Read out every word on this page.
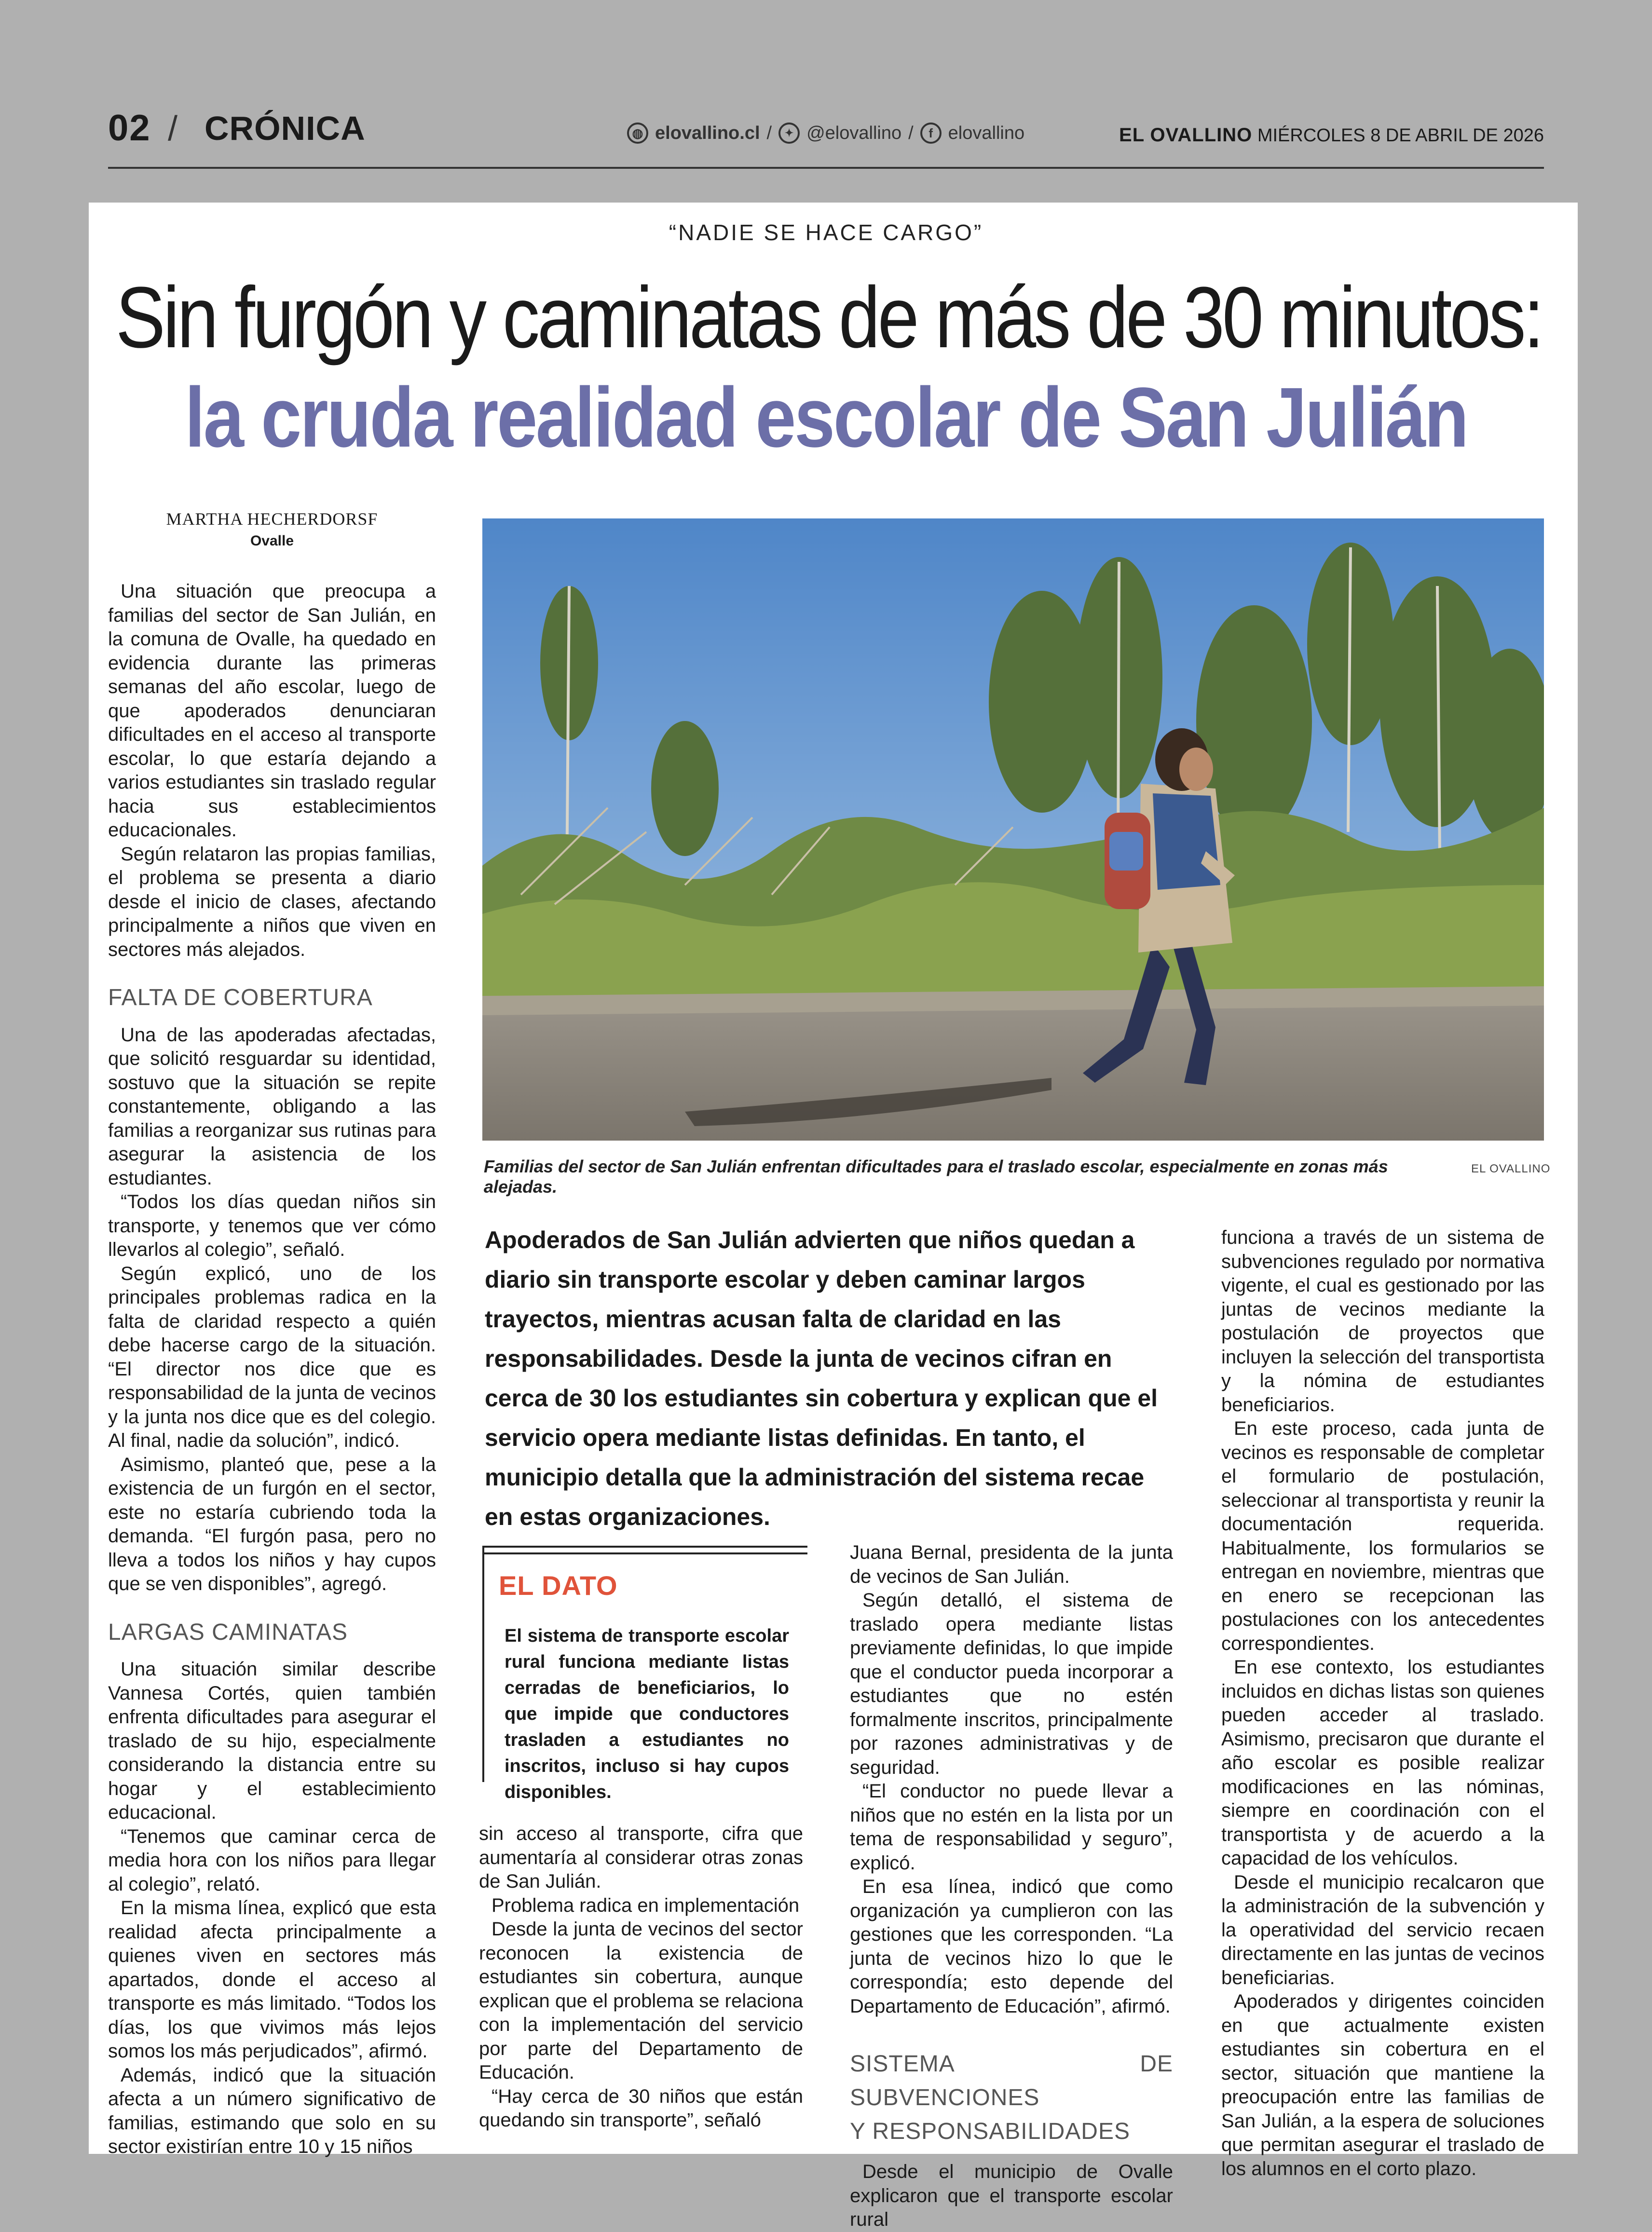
02 / CRÓNICA	◍ elovallino.cl /	✦ @elovallino /	f elovallino	EL OVALLINO MIÉRCOLES 8 DE ABRIL DE 2026
“NADIE SE HACE CARGO”
Sin furgón y caminatas de más de 30 minutos:
la cruda realidad escolar de San Julián
MARTHA HECHERDORSF
Ovalle

Una situación que preocupa a familias del sector de San Julián, en la comuna de Ovalle, ha quedado en evidencia durante las primeras semanas del año escolar, luego de que apoderados denunciaran dificultades en el acceso al transporte escolar, lo que estaría dejando a varios estudiantes sin traslado regular hacia sus establecimientos educacionales.

Según relataron las propias familias, el problema se presenta a diario desde el inicio de clases, afectando principalmente a niños que viven en sectores más alejados.

FALTA DE COBERTURA

Una de las apoderadas afectadas, que solicitó resguardar su identidad, sostuvo que la situación se repite constantemente, obligando a las familias a reorganizar sus rutinas para asegurar la asistencia de los estudiantes.

“Todos los días quedan niños sin transporte, y tenemos que ver cómo llevarlos al colegio”, señaló.

Según explicó, uno de los principales problemas radica en la falta de claridad respecto a quién debe hacerse cargo de la situación. “El director nos dice que es responsabilidad de la junta de vecinos y la junta nos dice que es del colegio. Al final, nadie da solución”, indicó.

Asimismo, planteó que, pese a la existencia de un furgón en el sector, este no estaría cubriendo toda la demanda. “El furgón pasa, pero no lleva a todos los niños y hay cupos que se ven disponibles”, agregó.

LARGAS CAMINATAS

Una situación similar describe Vannesa Cortés, quien también enfrenta dificultades para asegurar el traslado de su hijo, especialmente considerando la distancia entre su hogar y el establecimiento educacional.

“Tenemos que caminar cerca de media hora con los niños para llegar al colegio”, relató.

En la misma línea, explicó que esta realidad afecta principalmente a quienes viven en sectores más apartados, donde el acceso al transporte es más limitado. “Todos los días, los que vivimos más lejos somos los más perjudicados”, afirmó.

Además, indicó que la situación afecta a un número significativo de familias, estimando que solo en su sector existirían entre 10 y 15 niños

Familias del sector de San Julián enfrentan dificultades para el traslado escolar, especialmente en zonas más alejadas.
EL OVALLINO
Apoderados de San Julián advierten que niños quedan a diario sin transporte escolar y deben caminar largos trayectos, mientras acusan falta de claridad en las responsabilidades. Desde la junta de vecinos cifran en cerca de 30 los estudiantes sin cobertura y explican que el servicio opera mediante listas definidas. En tanto, el municipio detalla que la administración del sistema recae en estas organizaciones.
EL DATO
El sistema de transporte escolar rural funciona mediante listas cerradas de beneficiarios, lo que impide que conductores trasladen a estudiantes no inscritos, incluso si hay cupos disponibles.

sin acceso al transporte, cifra que aumentaría al considerar otras zonas de San Julián.

Problema radica en implementación

Desde la junta de vecinos del sector reconocen la existencia de estudiantes sin cobertura, aunque explican que el problema se relaciona con la implementación del servicio por parte del Departamento de Educación.

“Hay cerca de 30 niños que están quedando sin transporte”, señaló

Juana Bernal, presidenta de la junta de vecinos de San Julián.

Según detalló, el sistema de traslado opera mediante listas previamente definidas, lo que impide que el conductor pueda incorporar a estudiantes que no estén formalmente inscritos, principalmente por razones administrativas y de seguridad.

“El conductor no puede llevar a niños que no estén en la lista por un tema de responsabilidad y seguro”, explicó.

En esa línea, indicó que como organización ya cumplieron con las gestiones que les corresponden. “La junta de vecinos hizo lo que le correspondía; esto depende del Departamento de Educación”, afirmó.

SISTEMA DE SUBVENCIONES
Y RESPONSABILIDADES

Desde el municipio de Ovalle explicaron que el transporte escolar rural

funciona a través de un sistema de subvenciones regulado por normativa vigente, el cual es gestionado por las juntas de vecinos mediante la postulación de proyectos que incluyen la selección del transportista y la nómina de estudiantes beneficiarios.

En este proceso, cada junta de vecinos es responsable de completar el formulario de postulación, seleccionar al transportista y reunir la documentación requerida. Habitualmente, los formularios se entregan en noviembre, mientras que en enero se recepcionan las postulaciones con los antecedentes correspondientes.

En ese contexto, los estudiantes incluidos en dichas listas son quienes pueden acceder al traslado. Asimismo, precisaron que durante el año escolar es posible realizar modificaciones en las nóminas, siempre en coordinación con el transportista y de acuerdo a la capacidad de los vehículos.

Desde el municipio recalcaron que la administración de la subvención y la operatividad del servicio recaen directamente en las juntas de vecinos beneficiarias.

Apoderados y dirigentes coinciden en que actualmente existen estudiantes sin cobertura en el sector, situación que mantiene la preocupación entre las familias de San Julián, a la espera de soluciones que permitan asegurar el traslado de los alumnos en el corto plazo.
